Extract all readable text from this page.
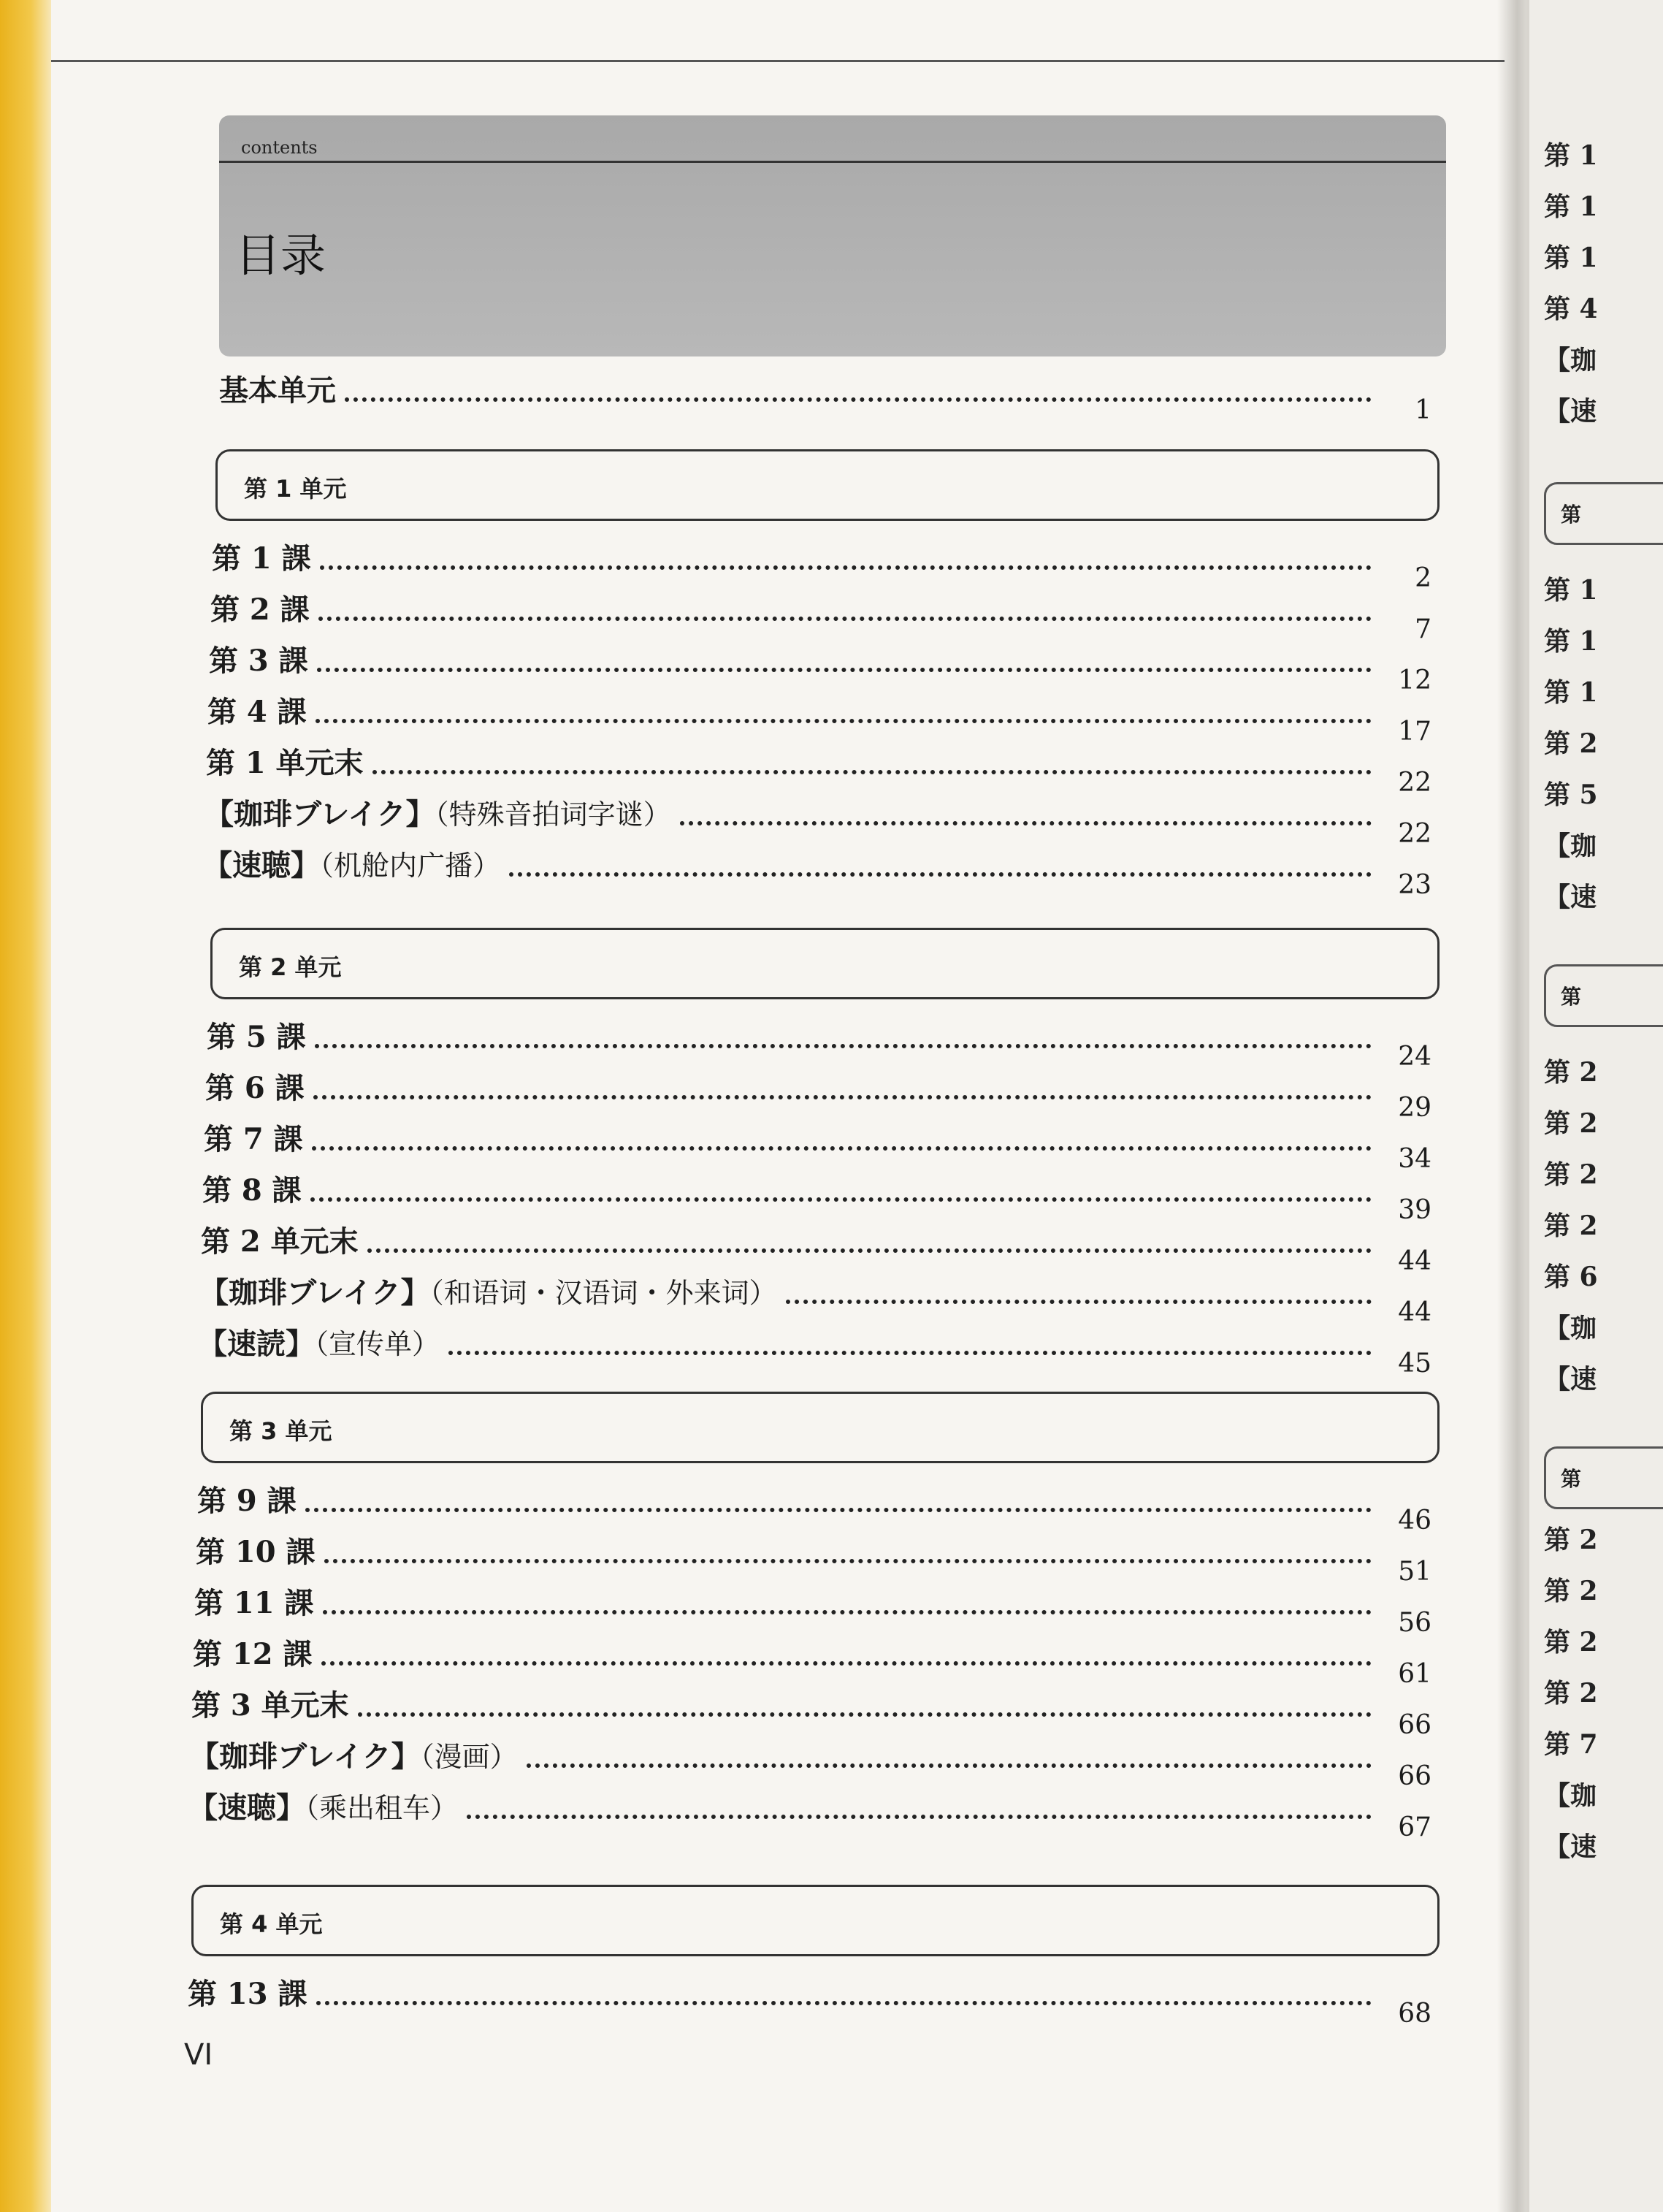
第 1
第 1
第 1
第 4
【珈
【速
第 1
第 1
第 1
第 2
第 5
【珈
【速
第 2
第 2
第 2
第 2
第 6
【珈
【速
第 2
第 2
第 2
第 2
第 7
【珈
【速
第
第
第
contents
目录
基本单元
1
第 1 单元
第 1 課
2
第 2 課
7
第 3 課
12
第 4 課
17
第 1 单元末
22
【珈琲ブレイク】（特殊音拍词字谜）
22
【速聴】（机舱内广播）
23
第 2 单元
第 5 課
24
第 6 課
29
第 7 課
34
第 8 課
39
第 2 单元末
44
【珈琲ブレイク】（和语词・汉语词・外来词）
44
【速読】（宣传单）
45
第 3 单元
第 9 課
46
第 10 課
51
第 11 課
56
第 12 課
61
第 3 单元末
66
【珈琲ブレイク】（漫画）
66
【速聴】（乘出租车）
67
第 4 单元
第 13 課
68
VI
